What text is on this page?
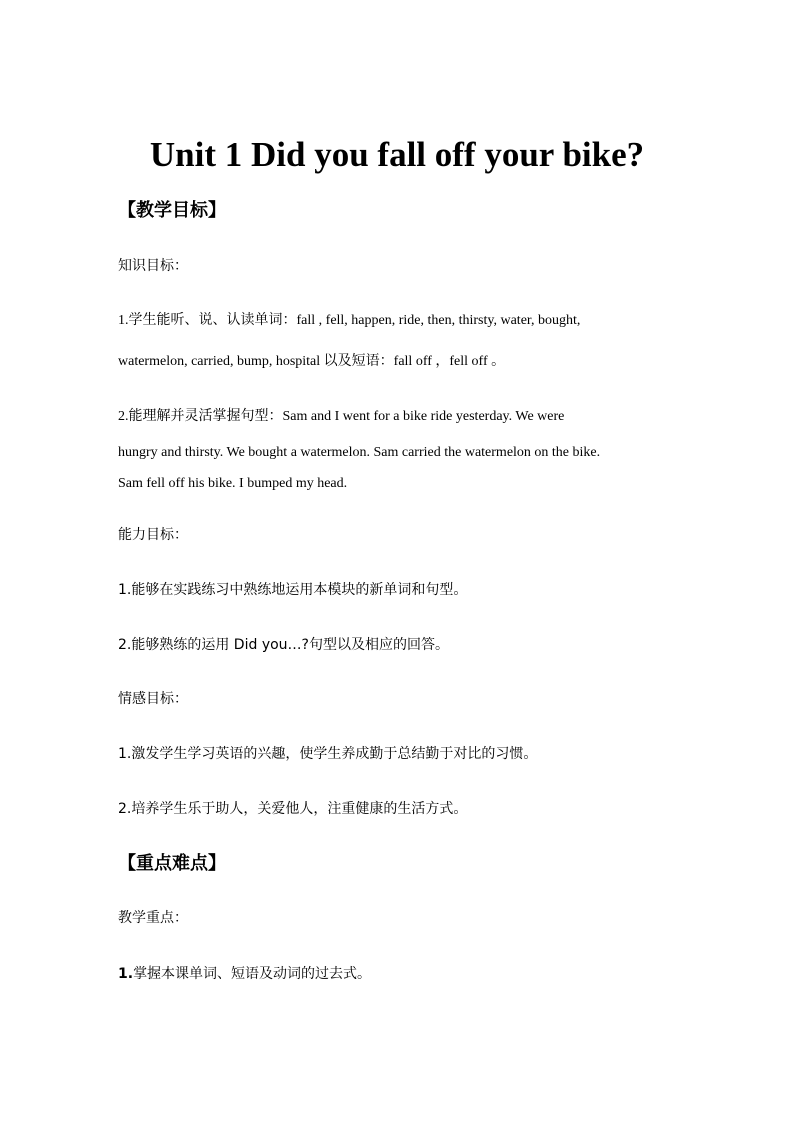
Unit 1 Did you fall off your bike?
【教学目标】
知识目标：
1.学生能听、说、认读单词：fall , fell, happen, ride, then, thirsty, water, bought,
watermelon, carried, bump, hospital 以及短语：fall off ，fell off 。
2.能理解并灵活掌握句型：Sam and I went for a bike ride yesterday. We were
hungry and thirsty. We bought a watermelon. Sam carried the watermelon on the bike.
Sam fell off his bike. I bumped my head.
能力目标：
1.能够在实践练习中熟练地运用本模块的新单词和句型。
2.能够熟练的运用 Did you…?句型以及相应的回答。
情感目标：
1.激发学生学习英语的兴趣，使学生养成勤于总结勤于对比的习惯。
2.培养学生乐于助人，关爱他人，注重健康的生活方式。
【重点难点】
教学重点：
1.掌握本课单词、短语及动词的过去式。
